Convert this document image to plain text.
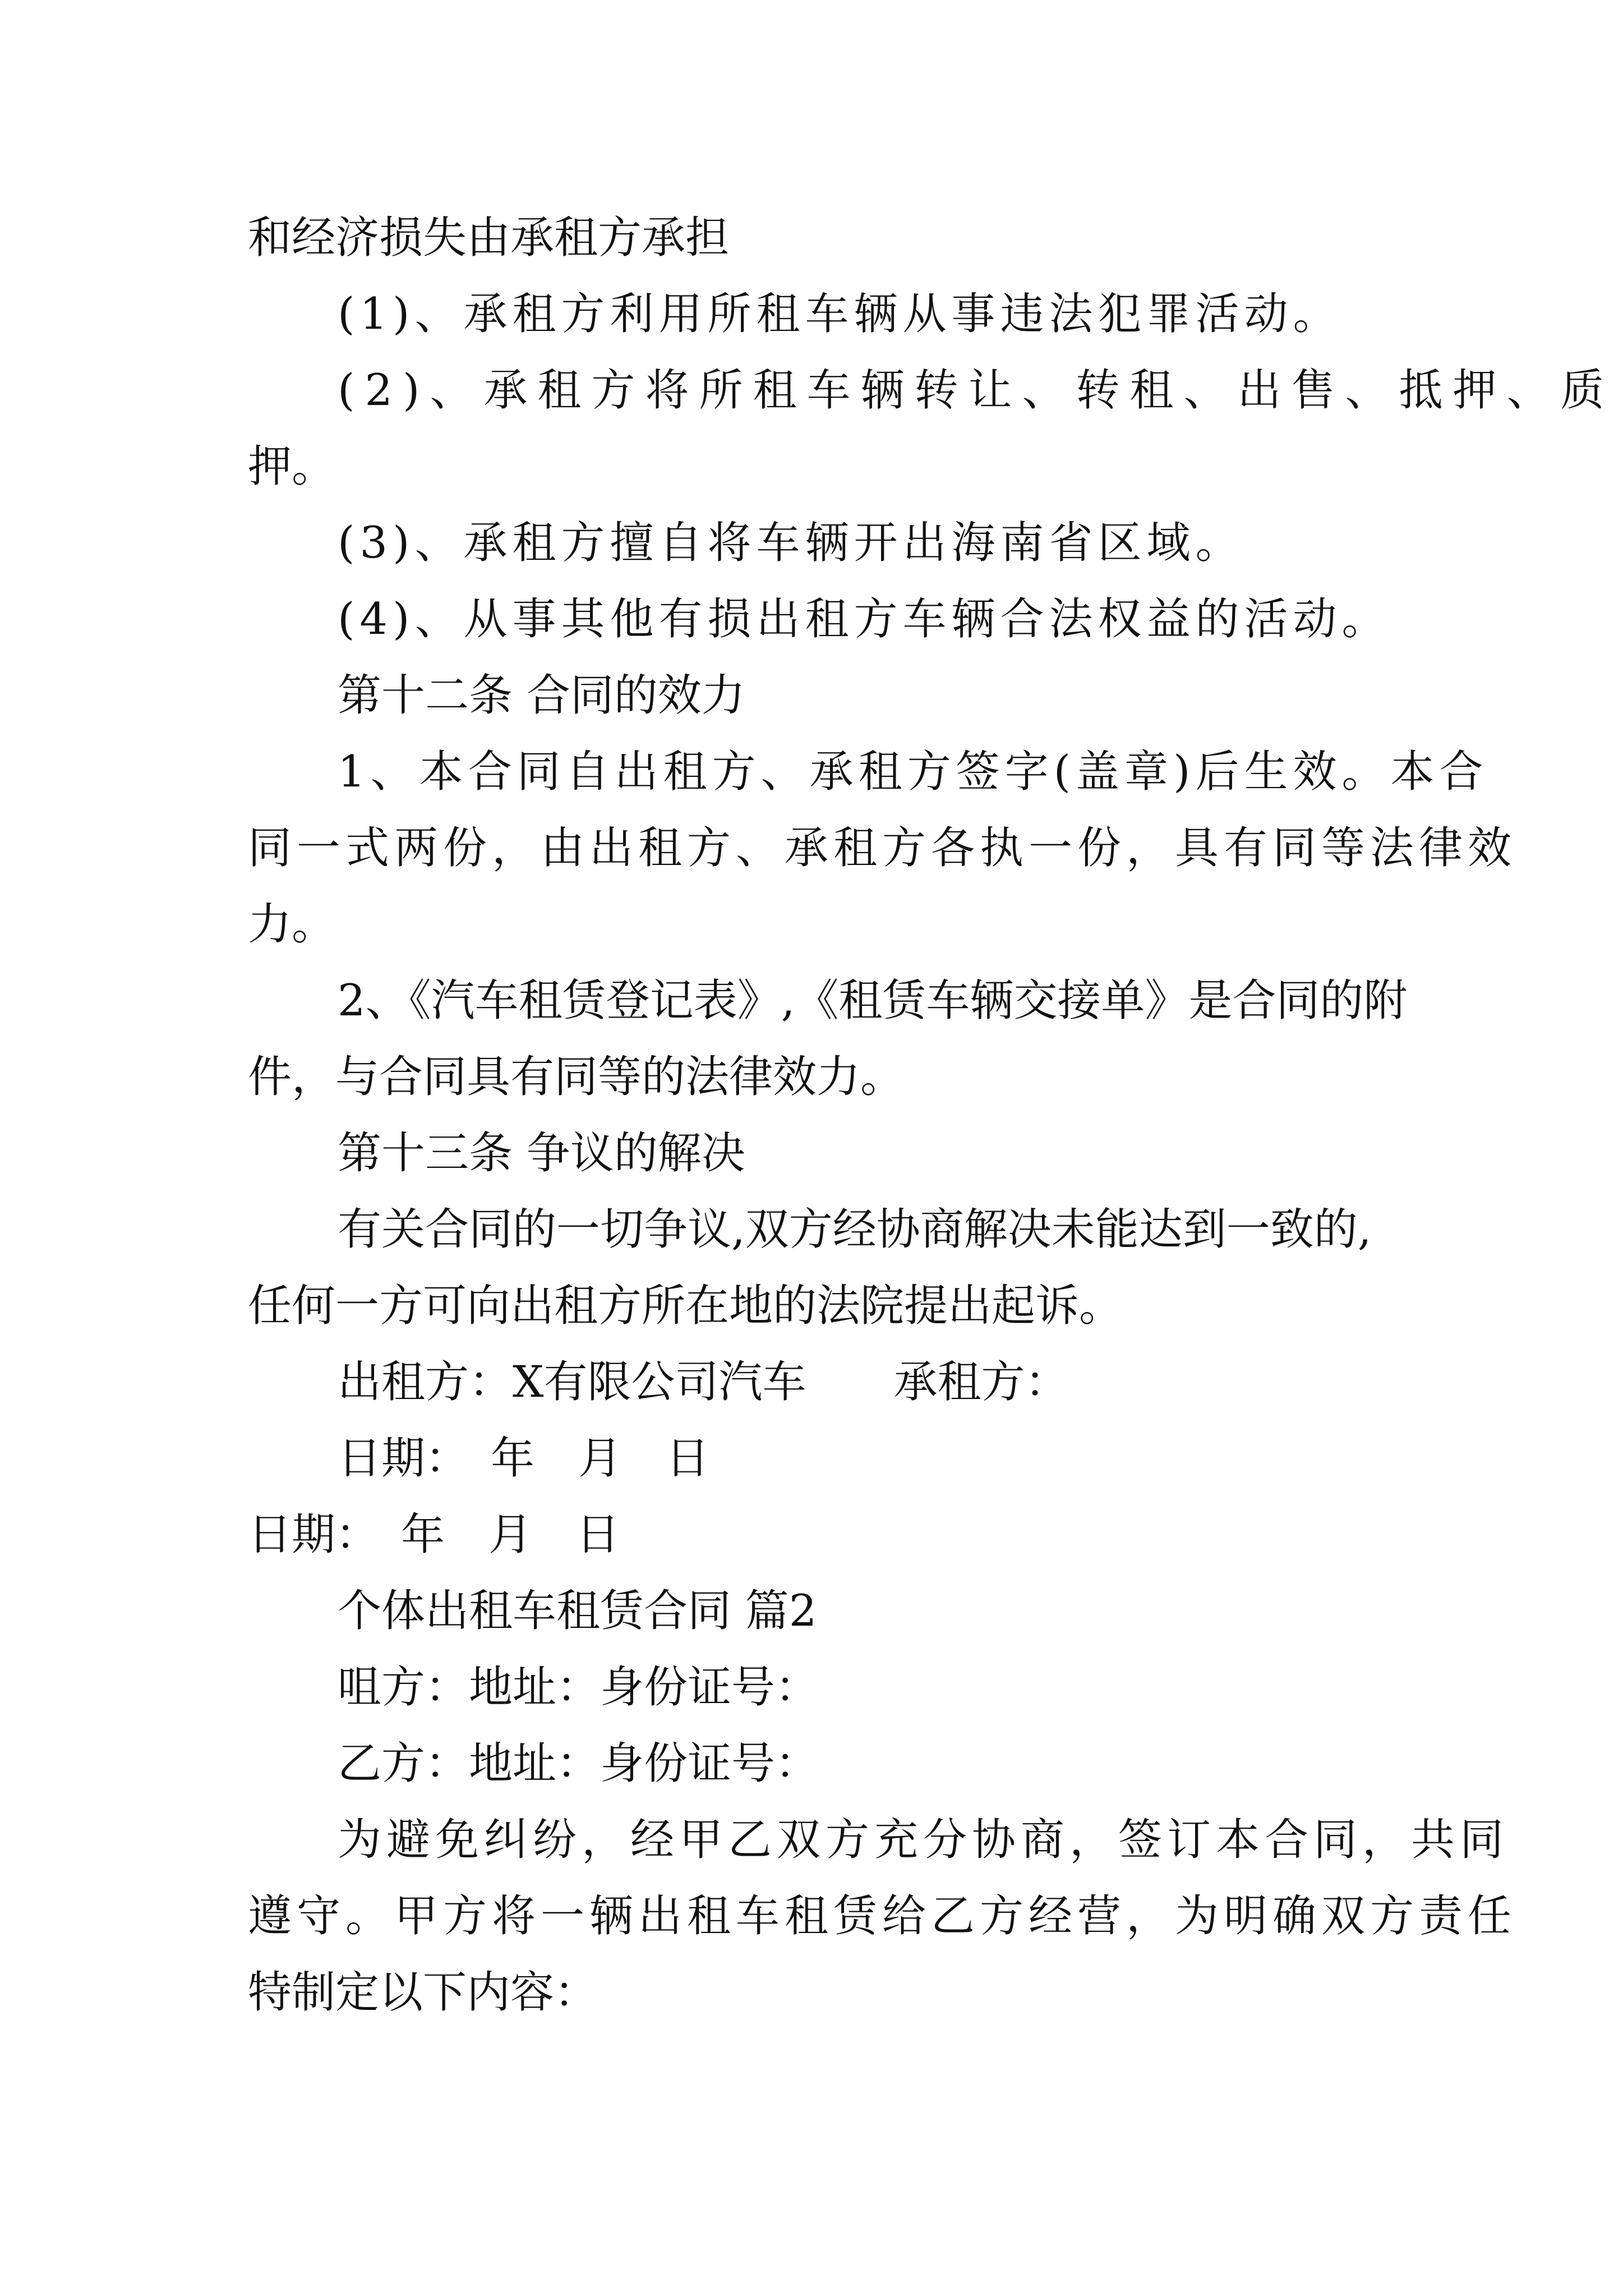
和经济损失由承租方承担
(1)、承租方利用所租车辆从事违法犯罪活动。
(2)、承租方将所租车辆转让、转租、出售、抵押、质
押。
(3)、承租方擅自将车辆开出海南省区域。
(4)、从事其他有损出租方车辆合法权益的活动。
第十二条 合同的效力
1、本合同自出租方、承租方签字(盖章)后生效。本合
同一式两份，由出租方、承租方各执一份，具有同等法律效
力。
2、《汽车租赁登记表》,《租赁车辆交接单》是合同的附
件，与合同具有同等的法律效力。
第十三条 争议的解决
有关合同的一切争议,双方经协商解决未能达到一致的,
任何一方可向出租方所在地的法院提出起诉。
出租方：X有限公司汽车　　承租方：
日期：　年　月　日
日期：　年　月　日
个体出租车租赁合同 篇2
咀方：地址：身份证号：
乙方：地址：身份证号：
为避免纠纷，经甲乙双方充分协商，签订本合同，共同
遵守。甲方将一辆出租车租赁给乙方经营，为明确双方责任
特制定以下内容：
